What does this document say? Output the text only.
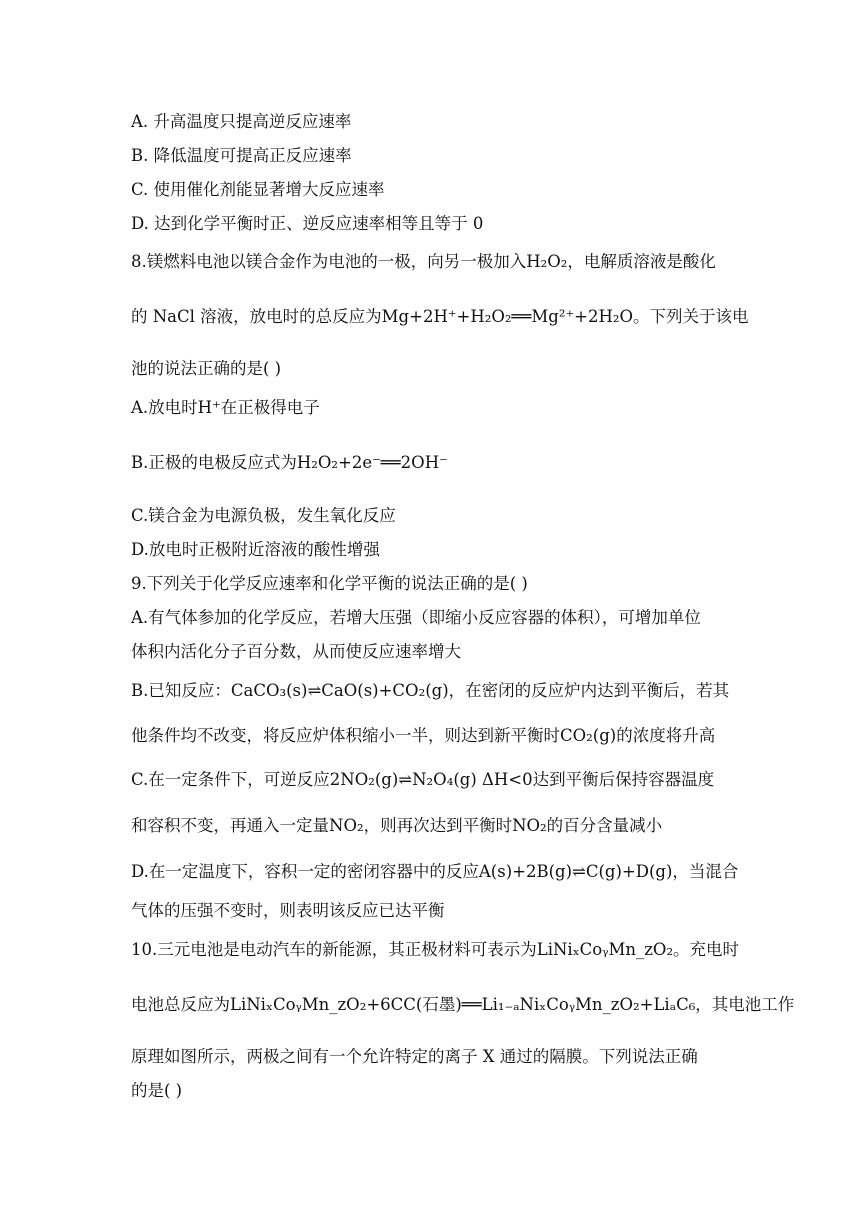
A. 升高温度只提高逆反应速率
B. 降低温度可提高正反应速率
C. 使用催化剂能显著增大反应速率
D. 达到化学平衡时正、逆反应速率相等且等于 0
8.镁燃料电池以镁合金作为电池的一极，向另一极加入H₂O₂，电解质溶液是酸化
的 NaCl 溶液，放电时的总反应为Mg+2H⁺+H₂O₂══Mg²⁺+2H₂O。下列关于该电
池的说法正确的是( )
A.放电时H⁺在正极得电子
B.正极的电极反应式为H₂O₂+2e⁻══2OH⁻
C.镁合金为电源负极，发生氧化反应
D.放电时正极附近溶液的酸性增强
9.下列关于化学反应速率和化学平衡的说法正确的是( )
A.有气体参加的化学反应，若增大压强（即缩小反应容器的体积），可增加单位
体积内活化分子百分数，从而使反应速率增大
B.已知反应：CaCO₃(s)⇌CaO(s)+CO₂(g)，在密闭的反应炉内达到平衡后，若其
他条件均不改变，将反应炉体积缩小一半，则达到新平衡时CO₂(g)的浓度将升高
C.在一定条件下，可逆反应2NO₂(g)⇌N₂O₄(g) ΔH<0达到平衡后保持容器温度
和容积不变，再通入一定量NO₂，则再次达到平衡时NO₂的百分含量减小
D.在一定温度下，容积一定的密闭容器中的反应A(s)+2B(g)⇌C(g)+D(g)，当混合
气体的压强不变时，则表明该反应已达平衡
10.三元电池是电动汽车的新能源，其正极材料可表示为LiNiₓCoᵧMn_zO₂。充电时
电池总反应为LiNiₓCoᵧMn_zO₂+6CC(石墨)══Li₁₋ₐNiₓCoᵧMn_zO₂+LiₐC₆，其电池工作
原理如图所示，两极之间有一个允许特定的离子 X 通过的隔膜。下列说法正确
的是( )
